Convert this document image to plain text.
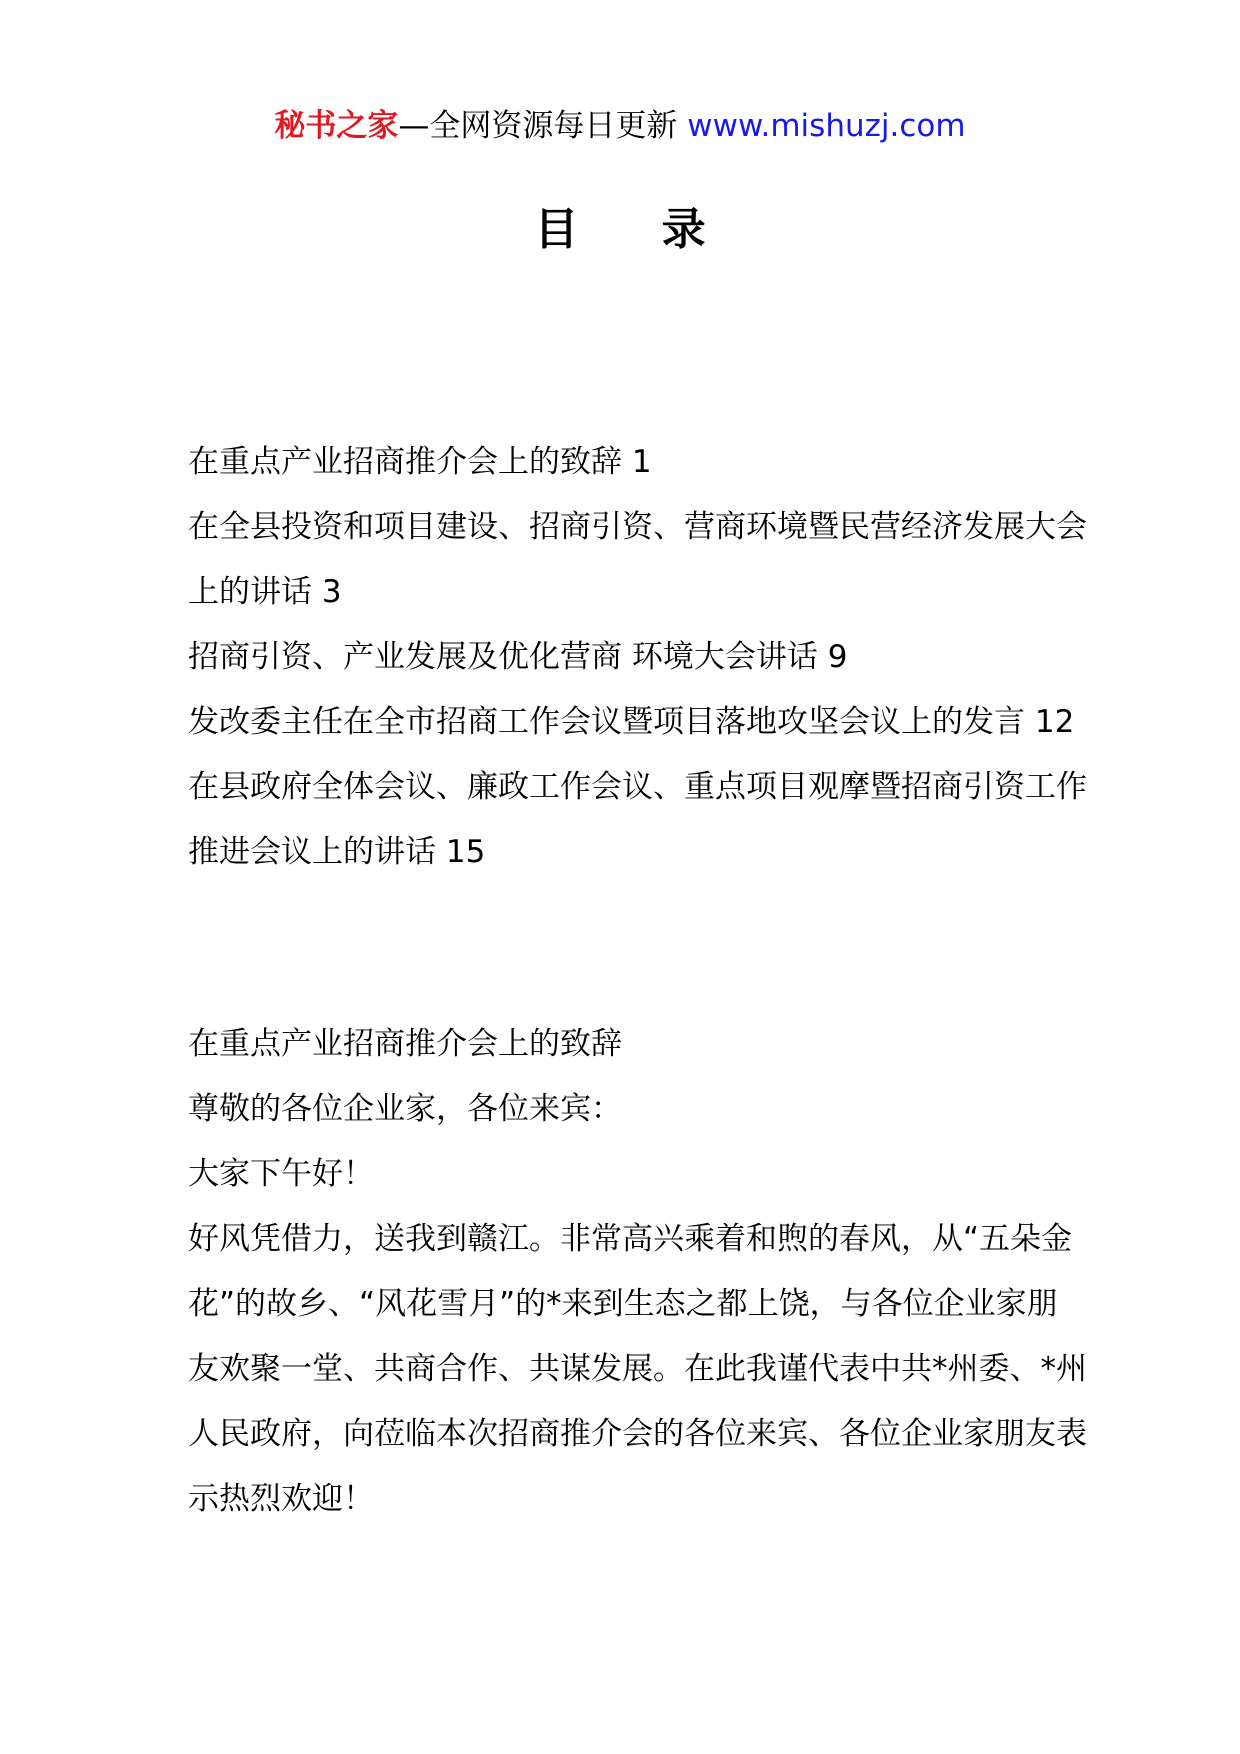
秘书之家—全网资源每日更新 www.mishuzj.com
目 录
在重点产业招商推介会上的致辞 1
在全县投资和项目建设、招商引资、营商环境暨民营经济发展大会上的讲话 3
招商引资、产业发展及优化营商 环境大会讲话 9
发改委主任在全市招商工作会议暨项目落地攻坚会议上的发言 12
在县政府全体会议、廉政工作会议、重点项目观摩暨招商引资工作推进会议上的讲话 15

在重点产业招商推介会上的致辞

尊敬的各位企业家，各位来宾：

大家下午好！

好风凭借力，送我到赣江。非常高兴乘着和煦的春风，从“五朵金花”的故乡、“风花雪月”的*来到生态之都上饶，与各位企业家朋友欢聚一堂、共商合作、共谋发展。在此我谨代表中共*州委、*州人民政府，向莅临本次招商推介会的各位来宾、各位企业家朋友表示热烈欢迎！
